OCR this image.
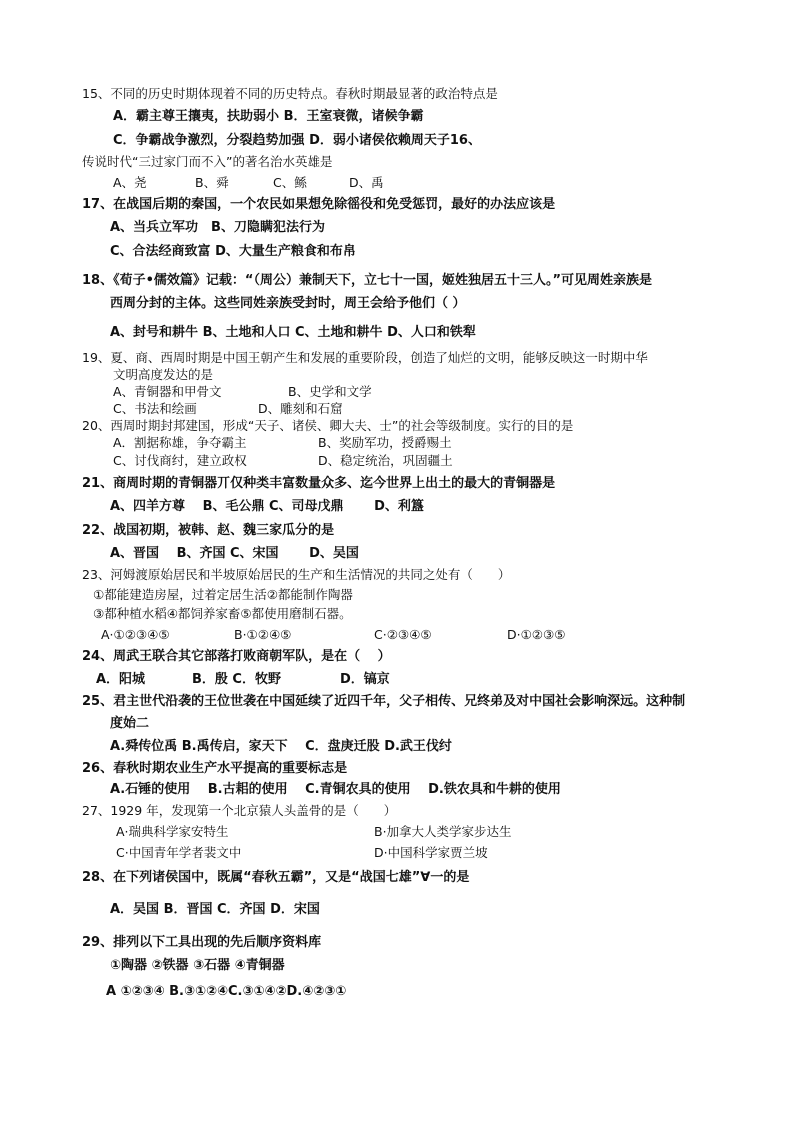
15、不同的历史时期体现着不同的历史特点。春秋时期最显著的政治特点是
A．霸主尊王攘夷，扶助弱小 B．王室衰微，诸候争霸
C．争霸战争激烈，分裂趋势加强 D．弱小诸侯依赖周天子16、
传说时代“三过家门而不入”的著名治水英雄是
A、尧	B、舜	C、鲧	D、禹
17、在战国后期的秦国，一个农民如果想免除徭役和免受惩罚，最好的办法应该是
A、当兵立军功　B、刀隐瞒犯法行为
C、合法经商致富 D、大量生产粮食和布帛
18、《荀子•儒效篇》记载：“（周公）兼制天下，立七十一国，姬姓独居五十三人。”可见周姓亲族是
西周分封的主体。这些同姓亲族受封时，周王会给予他们（ ）
A、封号和耕牛 B、土地和人口 C、土地和耕牛 D、人口和铁犁
19、夏、商、西周时期是中国王朝产生和发展的重要阶段，创造了灿烂的文明，能够反映这一时期中华
文明高度发达的是
A、青铜器和甲骨文	B、史学和文学
C、书法和绘画	D、雕刻和石窟
20、西周时期封邦建国，形成“天子、诸侯、卿大夫、士”的社会等级制度。实行的目的是
A．割据称雄，争夺霸主	B、奖励军功，授爵赐土
C、讨伐商纣，建立政权	D、稳定统治，巩固疆土
21、商周时期的青铜器丌仅种类丰富数量众多、迄今世界上出土的最大的青铜器是
A、四羊方尊　 B、毛公鼎 C、司母戊鼎　　 D、利簋
22、战国初期，被韩、赵、魏三家瓜分的是
A、晋国　 B、齐国 C、宋国　　 D、吴国
23、河姆渡原始居民和半坡原始居民的生产和生活情况的共同之处有（　　）
①都能建造房屋，过着定居生活②都能制作陶器
③都种植水稻④都饲养家畜⑤都使用磨制石器。
A·①②③④⑤	B·①②④⑤	C·②③④⑤	D·①②③⑤
24、周武王联合其它部落打败商朝军队，是在（　 ）
A．阳城	B．殷 C．牧野	D．镐京
25、君主世代沿袭的王位世袭在中国延续了近四千年，父子相传、兄终弟及对中国社会影响深远。这种制
度始二
A.舜传位禹 B.禹传启，家天下　 C．盘庚迁股 D.武王伐纣
26、春秋时期农业生产水平提高的重要标志是
A.石锤的使用　 B.古耜的使用　 C.青铜农具的使用　 D.铁农具和牛耕的使用
27、1929 年，发现第一个北京猿人头盖骨的是（　　）
A·瑞典科学家安特生	B·加拿大人类学家步达生
C·中国青年学者裴文中	D·中国科学家贾兰坡
28、在下列诸侯国中，既属“春秋五霸”，又是“战国七雄”∀一的是
A．吴国 B．晋国 C．齐国 D．宋国
29、排列以下工具出现的先后顺序资料库
①陶器 ②铁器 ③石器 ④青铜器
A ①②③④ B.③①②④C.③①④②D.④②③①
